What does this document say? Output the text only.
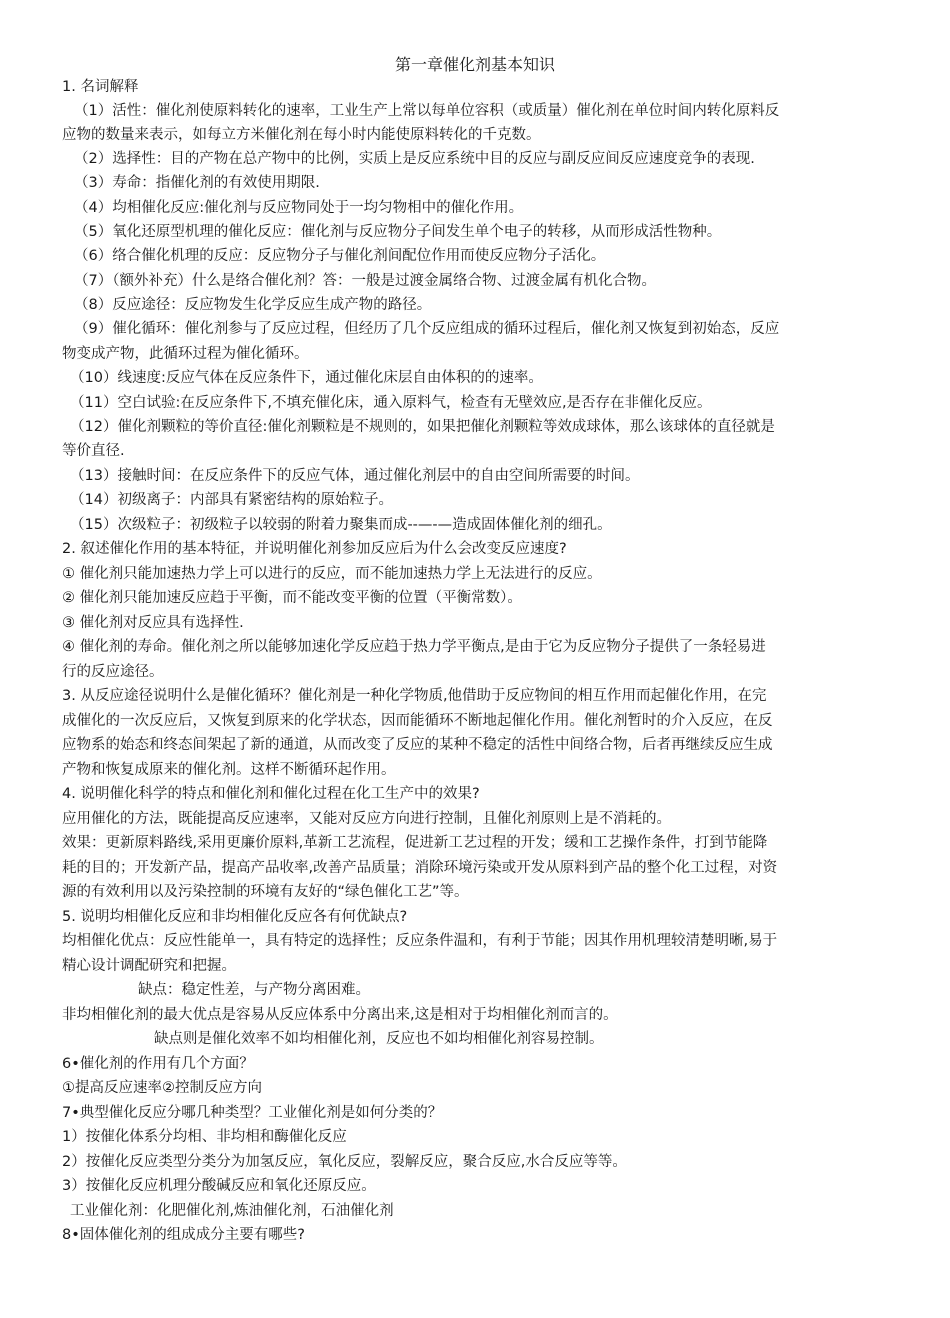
第一章催化剂基本知识
1. 名词解释
（1）活性：催化剂使原料转化的速率，工业生产上常以每单位容积（或质量）催化剂在单位时间内转化原料反
应物的数量来表示，如每立方米催化剂在每小时内能使原料转化的千克数。
（2）选择性：目的产物在总产物中的比例，实质上是反应系统中目的反应与副反应间反应速度竞争的表现.
（3）寿命：指催化剂的有效使用期限.
（4）均相催化反应:催化剂与反应物同处于一均匀物相中的催化作用。
（5）氧化还原型机理的催化反应：催化剂与反应物分子间发生单个电子的转移，从而形成活性物种。
（6）络合催化机理的反应：反应物分子与催化剂间配位作用而使反应物分子活化。
（7）（额外补充）什么是络合催化剂？答：一般是过渡金属络合物、过渡金属有机化合物。
（8）反应途径：反应物发生化学反应生成产物的路径。
（9）催化循环：催化剂参与了反应过程，但经历了几个反应组成的循环过程后，催化剂又恢复到初始态，反应
物变成产物，此循环过程为催化循环。
（10）线速度:反应气体在反应条件下，通过催化床层自由体积的的速率。
（11）空白试验:在反应条件下,不填充催化床，通入原料气，检查有无壁效应,是否存在非催化反应。
（12）催化剂颗粒的等价直径:催化剂颗粒是不规则的，如果把催化剂颗粒等效成球体，那么该球体的直径就是
等价直径.
（13）接触时间：在反应条件下的反应气体，通过催化剂层中的自由空间所需要的时间。
（14）初级离子：内部具有紧密结构的原始粒子。
（15）次级粒子：初级粒子以较弱的附着力聚集而成--—-—造成固体催化剂的细孔。
2. 叙述催化作用的基本特征，并说明催化剂参加反应后为什么会改变反应速度?
① 催化剂只能加速热力学上可以进行的反应，而不能加速热力学上无法进行的反应。
② 催化剂只能加速反应趋于平衡，而不能改变平衡的位置（平衡常数）。
③ 催化剂对反应具有选择性.
④ 催化剂的寿命。催化剂之所以能够加速化学反应趋于热力学平衡点,是由于它为反应物分子提供了一条轻易进
行的反应途径。
3. 从反应途径说明什么是催化循环？催化剂是一种化学物质,他借助于反应物间的相互作用而起催化作用，在完
成催化的一次反应后，又恢复到原来的化学状态，因而能循环不断地起催化作用。催化剂暂时的介入反应，在反
应物系的始态和终态间架起了新的通道，从而改变了反应的某种不稳定的活性中间络合物，后者再继续反应生成
产物和恢复成原来的催化剂。这样不断循环起作用。
4. 说明催化科学的特点和催化剂和催化过程在化工生产中的效果?
应用催化的方法，既能提高反应速率，又能对反应方向进行控制，且催化剂原则上是不消耗的。
效果：更新原料路线,采用更廉价原料,革新工艺流程，促进新工艺过程的开发；缓和工艺操作条件，打到节能降
耗的目的；开发新产品，提高产品收率,改善产品质量；消除环境污染或开发从原料到产品的整个化工过程，对资
源的有效利用以及污染控制的环境有友好的“绿色催化工艺”等。
5. 说明均相催化反应和非均相催化反应各有何优缺点?
均相催化优点：反应性能单一，具有特定的选择性；反应条件温和，有利于节能；因其作用机理较清楚明晰,易于
精心设计调配研究和把握。
缺点：稳定性差，与产物分离困难。
非均相催化剂的最大优点是容易从反应体系中分离出来,这是相对于均相催化剂而言的。
缺点则是催化效率不如均相催化剂，反应也不如均相催化剂容易控制。
6•催化剂的作用有几个方面？
①提高反应速率②控制反应方向
7•典型催化反应分哪几种类型？工业催化剂是如何分类的？
1）按催化体系分均相、非均相和酶催化反应
2）按催化反应类型分类分为加氢反应，氧化反应，裂解反应，聚合反应,水合反应等等。
3）按催化反应机理分酸碱反应和氧化还原反应。
工业催化剂：化肥催化剂,炼油催化剂，石油催化剂
8•固体催化剂的组成成分主要有哪些?
